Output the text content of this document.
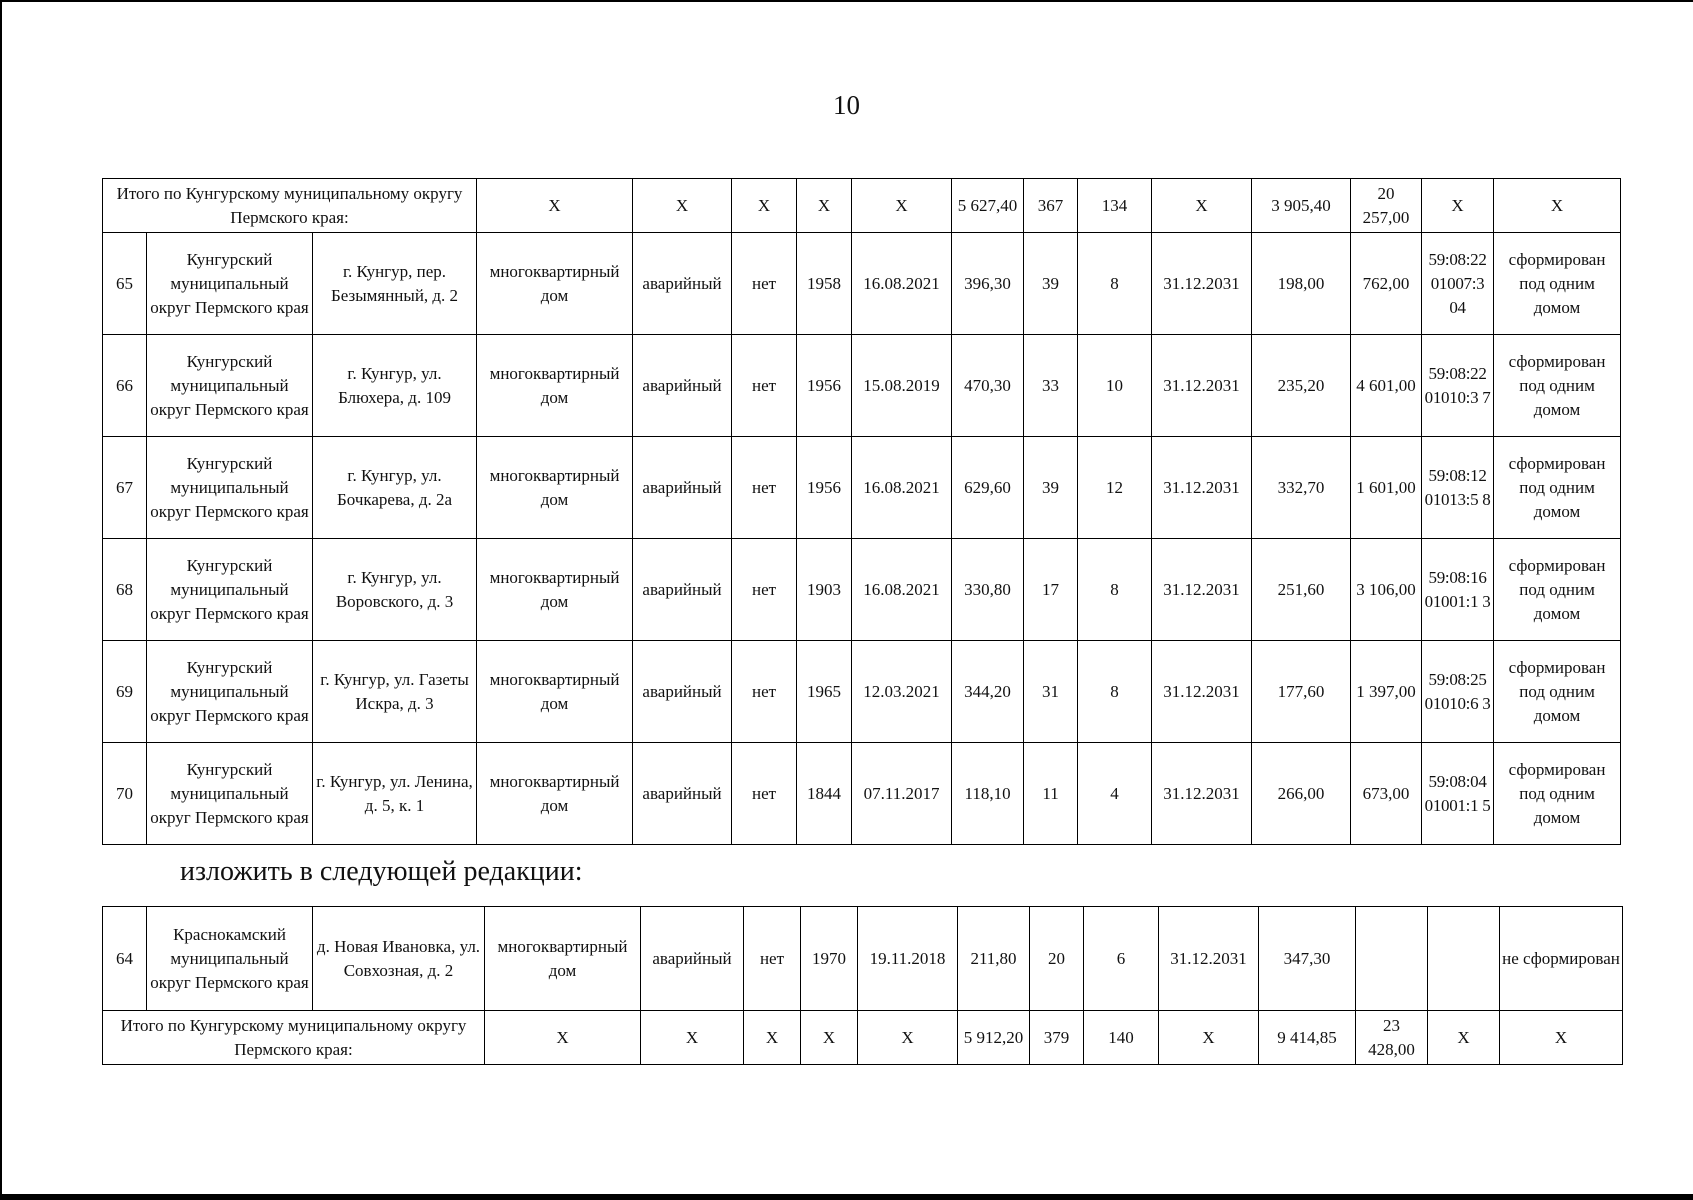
10
Итого по Кунгурскому муниципальному округу Пермского края:			X	X	X	X	X	5 627,40	367	134	X	3 905,40	20 257,00	X	X
65	Кунгурский муниципальный округ Пермского края	г. Кунгур, пер. Безымянный, д. 2	многоквартирный дом	аварийный	нет	1958	16.08.2021	396,30	39	8	31.12.2031	198,00	762,00	59:08:22 01007:3 04	сформирован под одним домом
66	Кунгурский муниципальный округ Пермского края	г. Кунгур, ул. Блюхера, д. 109	многоквартирный дом	аварийный	нет	1956	15.08.2019	470,30	33	10	31.12.2031	235,20	4 601,00	59:08:22 01010:3 7	сформирован под одним домом
67	Кунгурский муниципальный округ Пермского края	г. Кунгур, ул. Бочкарева, д. 2а	многоквартирный дом	аварийный	нет	1956	16.08.2021	629,60	39	12	31.12.2031	332,70	1 601,00	59:08:12 01013:5 8	сформирован под одним домом
68	Кунгурский муниципальный округ Пермского края	г. Кунгур, ул. Воровского, д. 3	многоквартирный дом	аварийный	нет	1903	16.08.2021	330,80	17	8	31.12.2031	251,60	3 106,00	59:08:16 01001:1 3	сформирован под одним домом
69	Кунгурский муниципальный округ Пермского края	г. Кунгур, ул. Газеты Искра, д. 3	многоквартирный дом	аварийный	нет	1965	12.03.2021	344,20	31	8	31.12.2031	177,60	1 397,00	59:08:25 01010:6 3	сформирован под одним домом
70	Кунгурский муниципальный округ Пермского края	г. Кунгур, ул. Ленина, д. 5, к. 1	многоквартирный дом	аварийный	нет	1844	07.11.2017	118,10	11	4	31.12.2031	266,00	673,00	59:08:04 01001:1 5	сформирован под одним домом
изложить в следующей редакции:
64	Краснокамский муниципальный округ Пермского края	д. Новая Ивановка, ул. Совхозная, д. 2	многоквартирный дом	аварийный	нет	1970	19.11.2018	211,80	20	6	31.12.2031	347,30			не сформирован
Итого по Кунгурскому муниципальному округу Пермского края:			X	X	X	X	X	5 912,20	379	140	X	9 414,85	23 428,00	X	X
